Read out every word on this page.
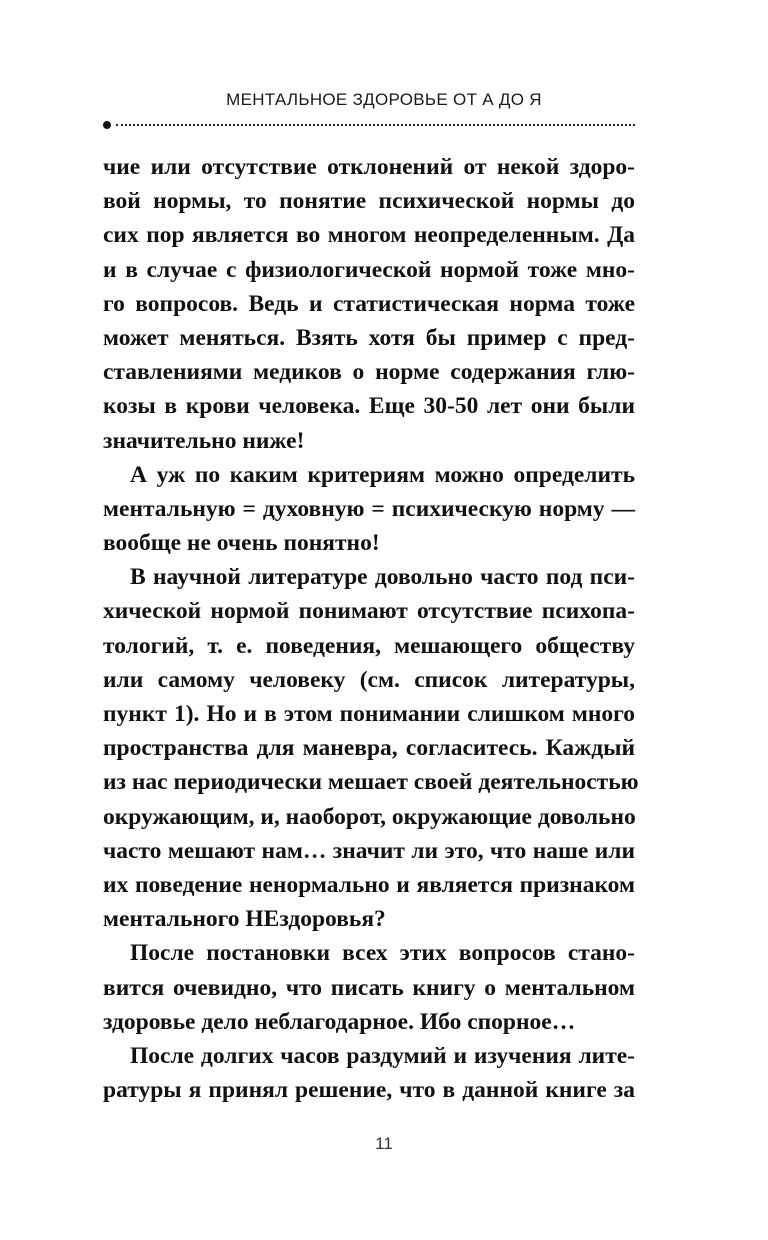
МЕНТАЛЬНОЕ ЗДОРОВЬЕ ОТ А ДО Я
чие или отсутствие отклонений от некой здоро-
вой нормы, то понятие психической нормы до
сих пор является во многом неопределенным. Да
и в случае с физиологической нормой тоже мно-
го вопросов. Ведь и статистическая норма тоже
может меняться. Взять хотя бы пример с пред-
ставлениями медиков о норме содержания глю-
козы в крови человека. Еще 30-50 лет они были
значительно ниже!
А уж по каким критериям можно определить
ментальную = духовную = психическую норму —
вообще не очень понятно!
В научной литературе довольно часто под пси-
хической нормой понимают отсутствие психопа-
тологий, т. е. поведения, мешающего обществу
или самому человеку (см. список литературы,
пункт 1). Но и в этом понимании слишком много
пространства для маневра, согласитесь. Каждый
из нас периодически мешает своей деятельностью
окружающим, и, наоборот, окружающие довольно
часто мешают нам… значит ли это, что наше или
их поведение ненормально и является признаком
ментального НЕздоровья?
После постановки всех этих вопросов стано-
вится очевидно, что писать книгу о ментальном
здоровье дело неблагодарное. Ибо спорное…
После долгих часов раздумий и изучения лите-
ратуры я принял решение, что в данной книге за
11
